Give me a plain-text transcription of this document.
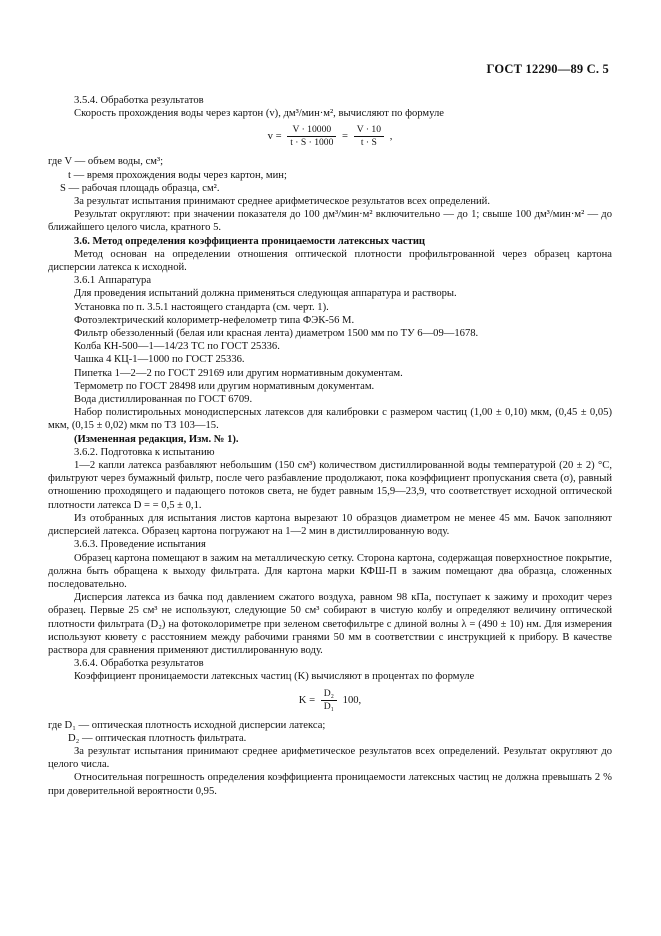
ГОСТ 12290—89 С. 5

3.5.4. Обработка результатов

Скорость прохождения воды через картон (v), дм³/мин·м², вычисляют по формуле

$v = \frac{V \cdot 10000}{t \cdot S \cdot 1000} = \frac{V \cdot 10}{t \cdot S}$ ,

где V — объем воды, см³;

t — время прохождения воды через картон, мин;

S — рабочая площадь образца, см².

За результат испытания принимают среднее арифметическое результатов всех определений.

Результат округляют: при значении показателя до 100 дм³/мин·м² включительно — до 1; свыше 100 дм³/мин·м² — до ближайшего целого числа, кратного 5.

3.6. Метод определения коэффициента проницаемости латексных частиц

Метод основан на определении отношения оптической плотности профильтрованной через образец картона дисперсии латекса к исходной.

3.6.1 Аппаратура

Для проведения испытаний должна применяться следующая аппаратура и растворы.

Установка по п. 3.5.1 настоящего стандарта (см. черт. 1).

Фотоэлектрический колориметр-нефелометр типа ФЭК-56 М.

Фильтр обеззоленный (белая или красная лента) диаметром 1500 мм по ТУ 6—09—1678.

Колба КН-500—1—14/23 ТС по ГОСТ 25336.

Чашка 4 КЦ-1—1000 по ГОСТ 25336.

Пипетка 1—2—2 по ГОСТ 29169 или другим нормативным документам.

Термометр по ГОСТ 28498 или другим нормативным документам.

Вода дистиллированная по ГОСТ 6709.

Набор полистирольных монодисперсных латексов для калибровки с размером частиц (1,00 ± 0,10) мкм, (0,45 ± 0,05) мкм, (0,15 ± 0,02) мкм по ТЗ 103—15.

(Измененная редакция, Изм. № 1).

3.6.2. Подготовка к испытанию

1—2 капли латекса разбавляют небольшим (150 см³) количеством дистиллированной воды температурой (20 ± 2) °С, фильтруют через бумажный фильтр, после чего разбавление продолжают, пока коэффициент пропускания света (σ), равный отношению проходящего и падающего потоков света, не будет равным 15,9—23,9, что соответствует исходной оптической плотности латекса D = = 0,5 ± 0,1.

Из отобранных для испытания листов картона вырезают 10 образцов диаметром не менее 45 мм. Бачок заполняют дисперсией латекса. Образец картона погружают на 1—2 мин в дистиллированную воду.

3.6.3. Проведение испытания

Образец картона помещают в зажим на металлическую сетку. Сторона картона, содержащая поверхностное покрытие, должна быть обращена к выходу фильтрата. Для картона марки КФШ-П в зажим помещают два образца, сложенных последовательно.

Дисперсия латекса из бачка под давлением сжатого воздуха, равном 98 кПа, поступает к зажиму и проходит через образец. Первые 25 см³ не используют, следующие 50 см³ собирают в чистую колбу и определяют величину оптической плотности фильтрата (D₂) на фотоколориметре при зеленом светофильтре с длиной волны λ = (490 ± 10) нм. Для измерения используют кювету с расстоянием между рабочими гранями 50 мм в соответствии с инструкцией к прибору. В качестве раствора для сравнения применяют дистиллированную воду.

3.6.4. Обработка результатов

Коэффициент проницаемости латексных частиц (K) вычисляют в процентах по формуле

$K = \frac{\text{D₂}}{\text{D₁}} 100$,

где D₁ — оптическая плотность исходной дисперсии латекса;

D₂ — оптическая плотность фильтрата.

За результат испытания принимают среднее арифметическое результатов всех определений. Результат округляют до целого числа.

Относительная погрешность определения коэффициента проницаемости латексных частиц не должна превышать 2 % при доверительной вероятности 0,95.
